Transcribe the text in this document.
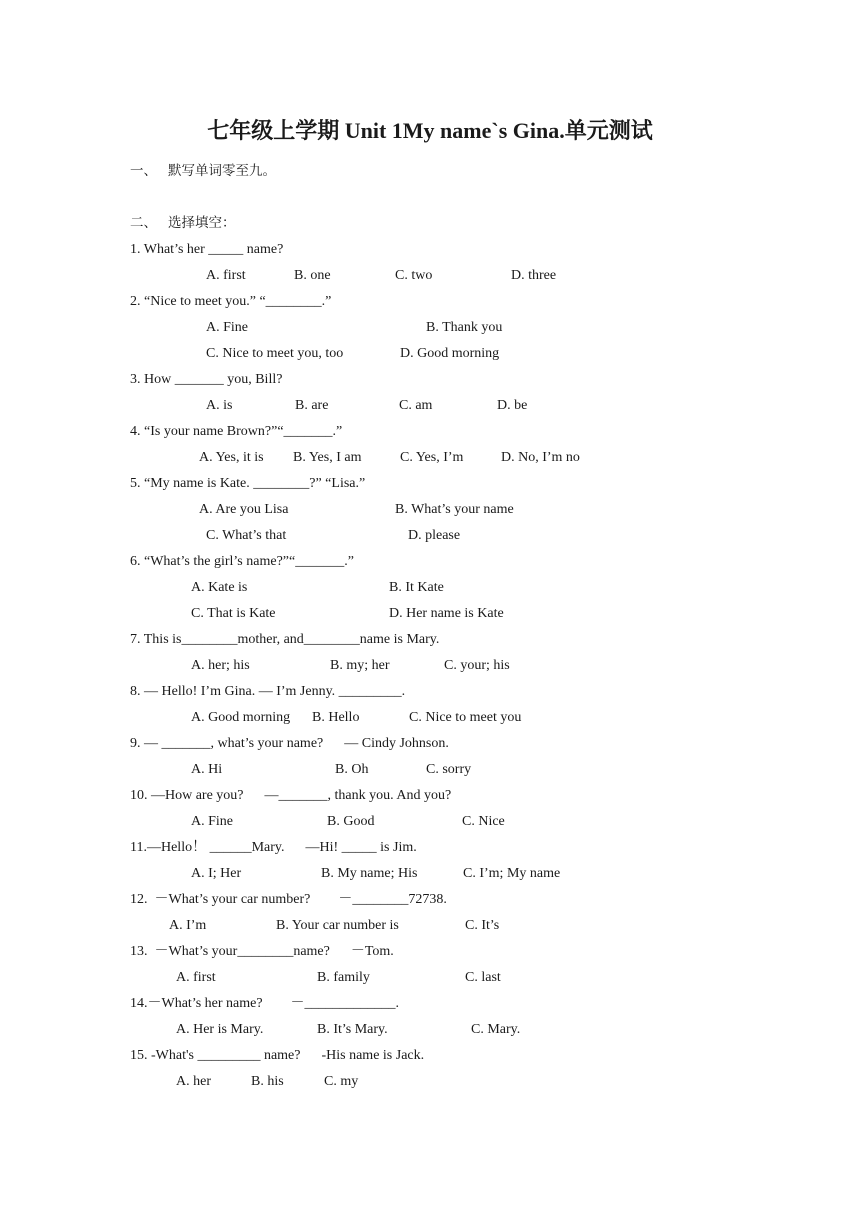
七年级上学期 Unit 1My name`s Gina.单元测试
一、 默写单词零至九。
二、 选择填空：
1. What’s her _____ name?
A. first	B. one	C. two	D. three
2. “Nice to meet you.” “________.”
A. Fine	B. Thank you
C. Nice to meet you, too	D. Good morning
3. How _______ you, Bill?
A. is	B. are	C. am	D. be
4. “Is your name Brown?”“_______.”
A. Yes, it is B. Yes, I am	C. Yes, I’m	D. No, I’m no
5. “My name is Kate. ________?” “Lisa.”
A. Are you Lisa	B. What’s your name
C. What’s that	D. please
6. “What’s the girl’s name?”“_______.”
A. Kate is	B. It Kate
C. That is Kate	D. Her name is Kate
7. This is________mother, and________name is Mary.
A. her; his	B. my; her	C. your; his
8. — Hello! I’m Gina. — I’m Jenny. _________.
A. Good morning B. Hello	C. Nice to meet you
9. — _______, what’s your name?      — Cindy Johnson.
A. Hi	B. Oh	C. sorry
10. —How are you?      —_______, thank you. And you?
A. Fine	B. Good	C. Nice
11.—Hello！ ______Mary.      —Hi! _____ is Jim.
A. I; Her	B. My name; His	C. I’m; My name
12.  －What’s your car number?        －________72738.
A. I’m	B. Your car number is	C. It’s
13.  －What’s your________name?      －Tom.
A. first	B. family	C. last
14.－What’s her name?        －_____________.
A. Her is Mary.	B. It’s Mary.	C. Mary.
15. -What's _________ name?      -His name is Jack.
A. her	B. his	C. my
